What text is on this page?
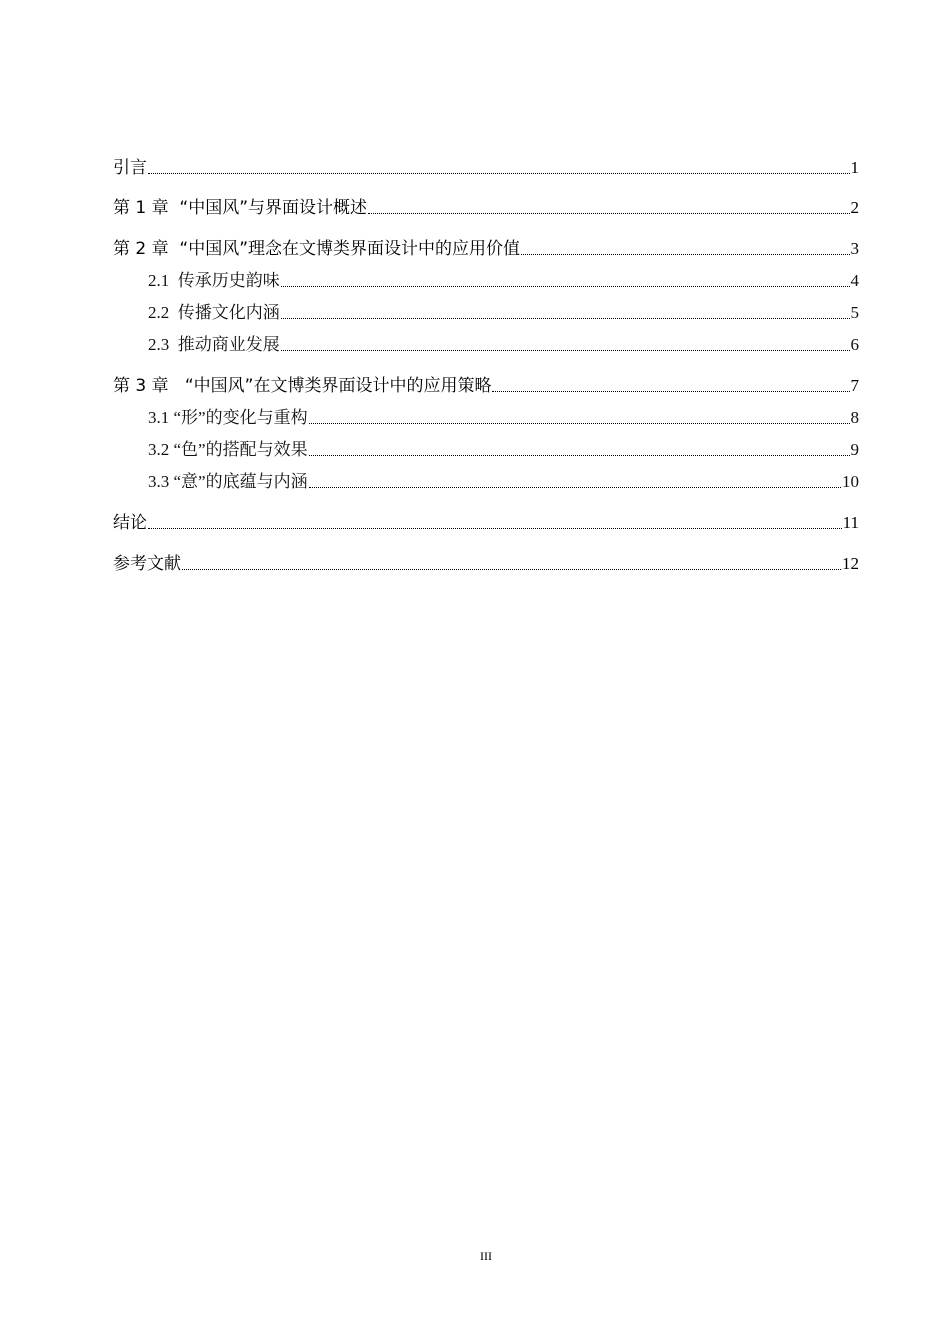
引言	1
第 1 章  “中国风”与界面设计概述	2
第 2 章  “中国风”理念在文博类界面设计中的应用价值	3
2.1  传承历史韵味	4
2.2  传播文化内涵	5
2.3  推动商业发展	6
第 3 章   “中国风”在文博类界面设计中的应用策略	7
3.1 “形”的变化与重构	8
3.2 “色”的搭配与效果	9
3.3 “意”的底蕴与内涵	10
结论	11
参考文献	12
III
